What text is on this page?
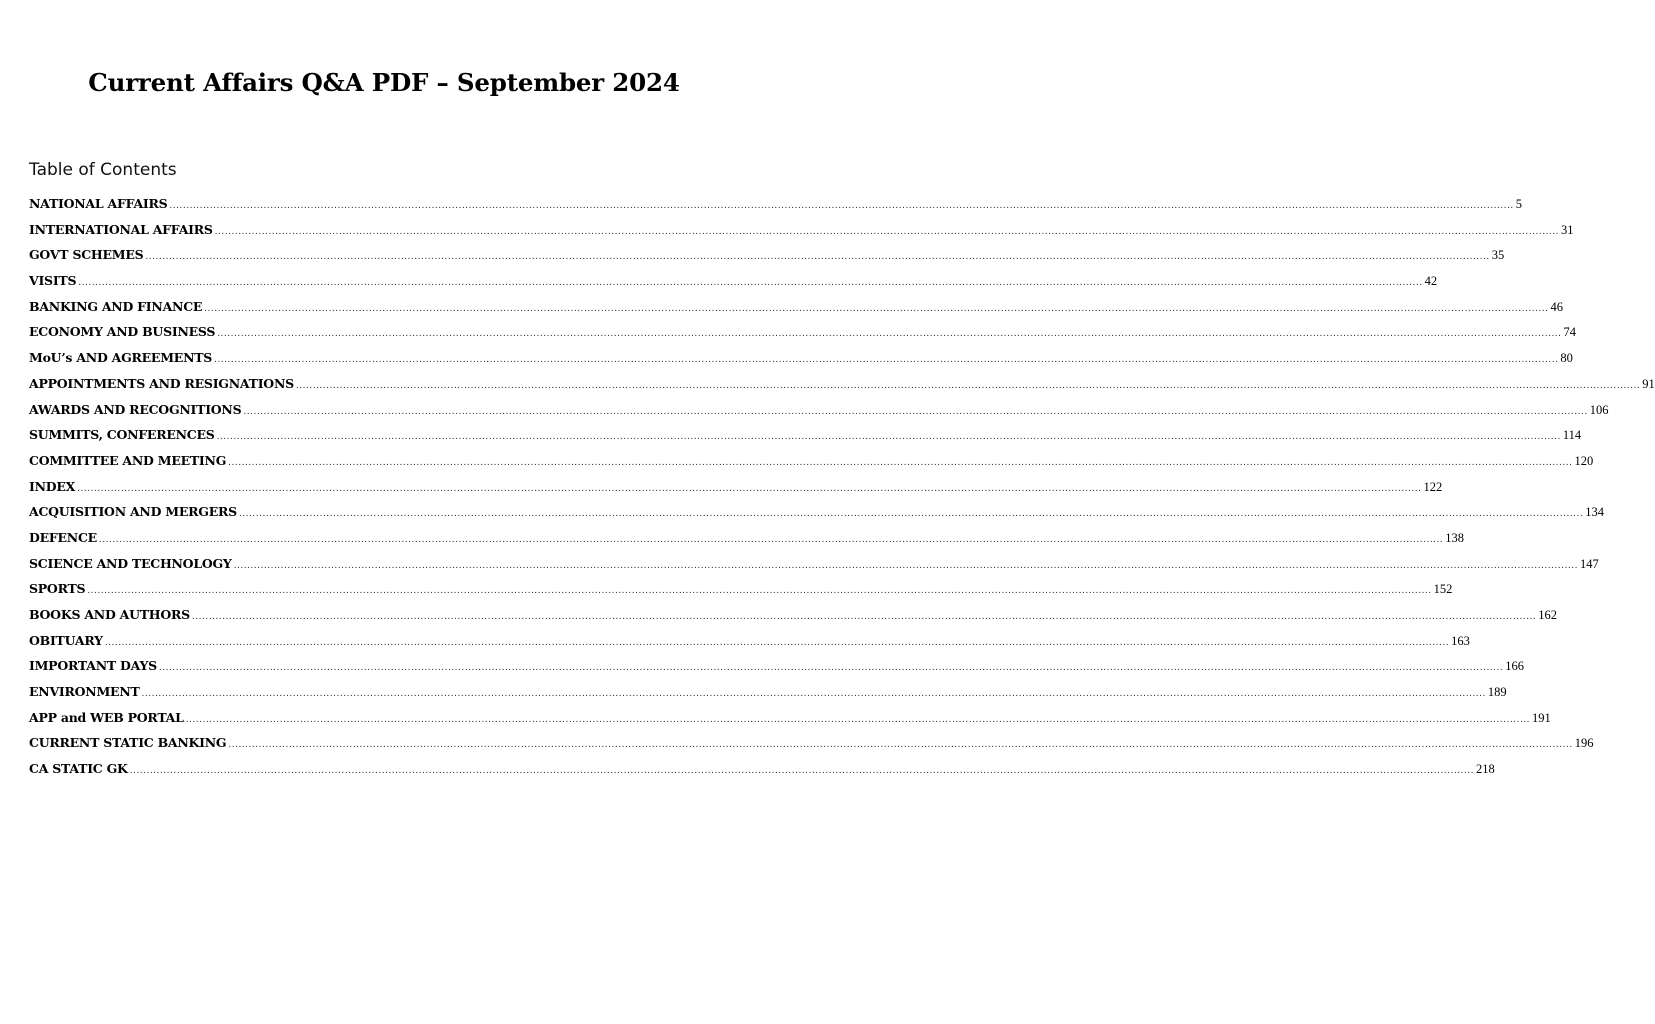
Current Affairs Q&A PDF – September 2024
Table of Contents
NATIONAL AFFAIRS ................................................................................................................................................................................................................................................................................................................................................................................................................ 5
INTERNATIONAL AFFAIRS ................................................................................................................................................................................................................................................................................................................................................................................................................ 31
GOVT SCHEMES ................................................................................................................................................................................................................................................................................................................................................................................................................ 35
VISITS ................................................................................................................................................................................................................................................................................................................................................................................................................ 42
BANKING AND FINANCE ................................................................................................................................................................................................................................................................................................................................................................................................................ 46
ECONOMY AND BUSINESS ................................................................................................................................................................................................................................................................................................................................................................................................................ 74
MoU’s AND AGREEMENTS ................................................................................................................................................................................................................................................................................................................................................................................................................ 80
APPOINTMENTS AND RESIGNATIONS ................................................................................................................................................................................................................................................................................................................................................................................................................ 91
AWARDS AND RECOGNITIONS ................................................................................................................................................................................................................................................................................................................................................................................................................ 106
SUMMITS, CONFERENCES ................................................................................................................................................................................................................................................................................................................................................................................................................ 114
COMMITTEE AND MEETING ................................................................................................................................................................................................................................................................................................................................................................................................................ 120
INDEX ................................................................................................................................................................................................................................................................................................................................................................................................................ 122
ACQUISITION AND MERGERS ................................................................................................................................................................................................................................................................................................................................................................................................................ 134
DEFENCE ................................................................................................................................................................................................................................................................................................................................................................................................................ 138
SCIENCE AND TECHNOLOGY ................................................................................................................................................................................................................................................................................................................................................................................................................ 147
SPORTS ................................................................................................................................................................................................................................................................................................................................................................................................................ 152
BOOKS AND AUTHORS ................................................................................................................................................................................................................................................................................................................................................................................................................ 162
OBITUARY ................................................................................................................................................................................................................................................................................................................................................................................................................ 163
IMPORTANT DAYS ................................................................................................................................................................................................................................................................................................................................................................................................................ 166
ENVIRONMENT ................................................................................................................................................................................................................................................................................................................................................................................................................ 189
APP and WEB PORTAL ................................................................................................................................................................................................................................................................................................................................................................................................................ 191
CURRENT STATIC BANKING ................................................................................................................................................................................................................................................................................................................................................................................................................ 196
CA STATIC GK ................................................................................................................................................................................................................................................................................................................................................................................................................ 218
